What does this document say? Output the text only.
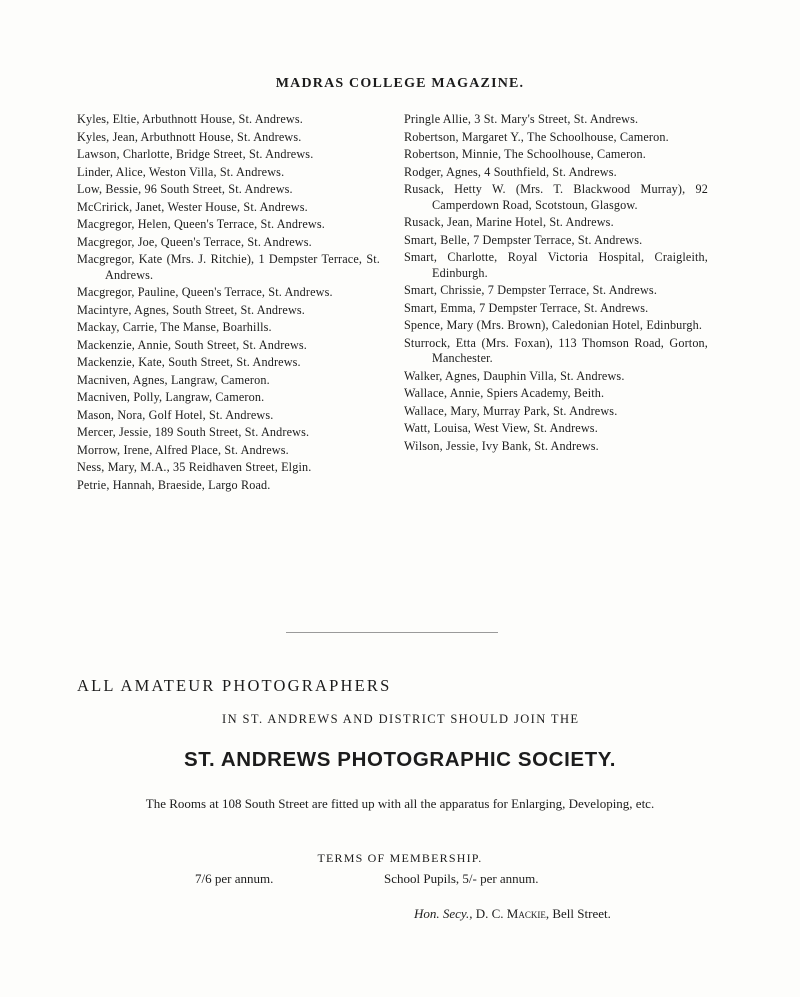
MADRAS COLLEGE MAGAZINE.
Kyles, Eltie, Arbuthnott House, St. Andrews.
Kyles, Jean, Arbuthnott House, St. Andrews.
Lawson, Charlotte, Bridge Street, St. Andrews.
Linder, Alice, Weston Villa, St. Andrews.
Low, Bessie, 96 South Street, St. Andrews.
McCririck, Janet, Wester House, St. Andrews.
Macgregor, Helen, Queen's Terrace, St. Andrews.
Macgregor, Joe, Queen's Terrace, St. Andrews.
Macgregor, Kate (Mrs. J. Ritchie), 1 Dempster Terrace, St. Andrews.
Macgregor, Pauline, Queen's Terrace, St. Andrews.
Macintyre, Agnes, South Street, St. Andrews.
Mackay, Carrie, The Manse, Boarhills.
Mackenzie, Annie, South Street, St. Andrews.
Mackenzie, Kate, South Street, St. Andrews.
Macniven, Agnes, Langraw, Cameron.
Macniven, Polly, Langraw, Cameron.
Mason, Nora, Golf Hotel, St. Andrews.
Mercer, Jessie, 189 South Street, St. Andrews.
Morrow, Irene, Alfred Place, St. Andrews.
Ness, Mary, M.A., 35 Reidhaven Street, Elgin.
Petrie, Hannah, Braeside, Largo Road.
Pringle Allie, 3 St. Mary's Street, St. Andrews.
Robertson, Margaret Y., The Schoolhouse, Cameron.
Robertson, Minnie, The Schoolhouse, Cameron.
Rodger, Agnes, 4 Southfield, St. Andrews.
Rusack, Hetty W. (Mrs. T. Blackwood Murray), 92 Camperdown Road, Scotstoun, Glasgow.
Rusack, Jean, Marine Hotel, St. Andrews.
Smart, Belle, 7 Dempster Terrace, St. Andrews.
Smart, Charlotte, Royal Victoria Hospital, Craigleith, Edinburgh.
Smart, Chrissie, 7 Dempster Terrace, St. Andrews.
Smart, Emma, 7 Dempster Terrace, St. Andrews.
Spence, Mary (Mrs. Brown), Caledonian Hotel, Edinburgh.
Sturrock, Etta (Mrs. Foxan), 113 Thomson Road, Gorton, Manchester.
Walker, Agnes, Dauphin Villa, St. Andrews.
Wallace, Annie, Spiers Academy, Beith.
Wallace, Mary, Murray Park, St. Andrews.
Watt, Louisa, West View, St. Andrews.
Wilson, Jessie, Ivy Bank, St. Andrews.
ALL AMATEUR PHOTOGRAPHERS
IN ST. ANDREWS AND DISTRICT SHOULD JOIN THE
ST. ANDREWS PHOTOGRAPHIC SOCIETY.
The Rooms at 108 South Street are fitted up with all the apparatus for Enlarging, Developing, etc.
TERMS OF MEMBERSHIP.
7/6 per annum.	School Pupils, 5/- per annum.
Hon. Secy., D. C. Mackie, Bell Street.
